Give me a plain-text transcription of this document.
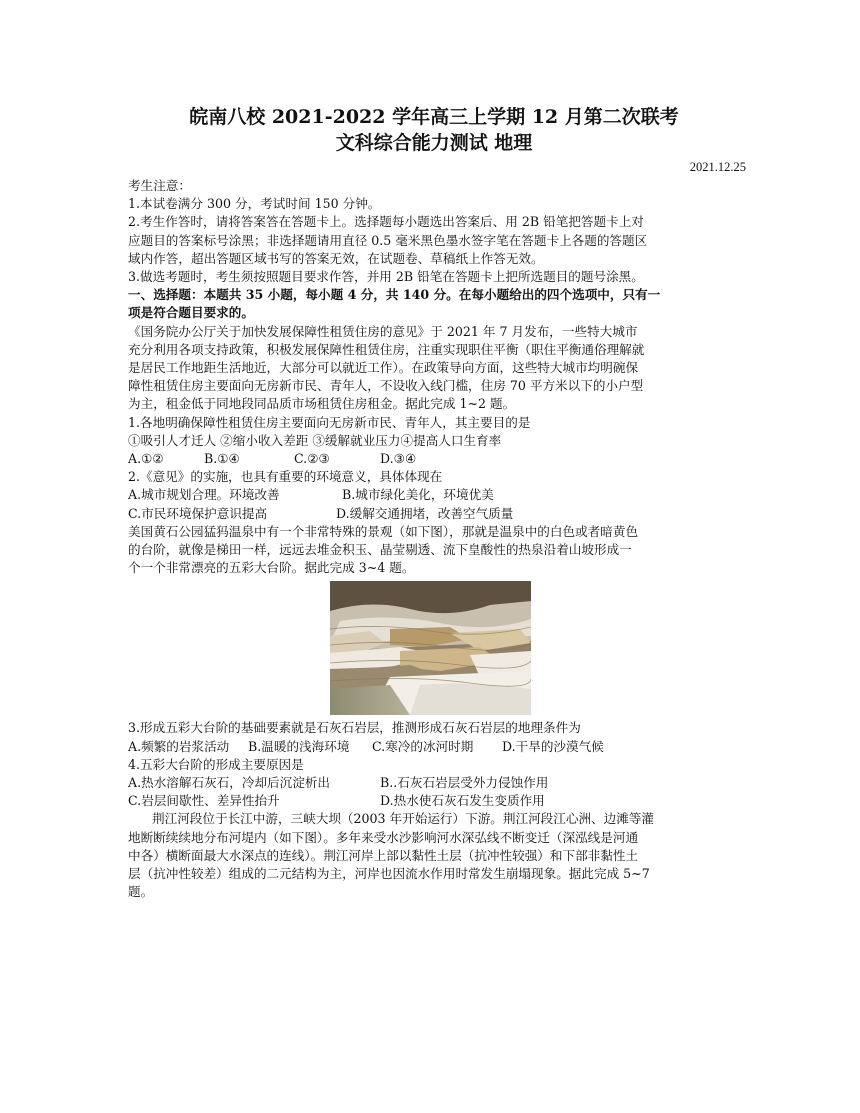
皖南八校 2021-2022 学年高三上学期 12 月第二次联考
文科综合能力测试 地理
2021.12.25

考生注意：

1.本试卷满分 300 分，考试时间 150 分钟。

2.考生作答时，请将答案答在答题卡上。选择题每小题选出答案后、用 2B 铅笔把答题卡上对

应题目的答案标号涂黑；非选择题请用直径 0.5 毫米黑色墨水签字笔在答题卡上各题的答题区

域内作答，超出答题区域书写的答案无效，在试题卷、草稿纸上作答无效。

3.做选考题时，考生须按照题目要求作答，并用 2B 铅笔在答题卡上把所选题目的题号涂黑。

一、选择题：本题共 35 小题，每小题 4 分，共 140 分。在每小题给出的四个选项中，只有一

项是符合题目要求的。

《国务院办公厅关于加快发展保障性租赁住房的意见》于 2021 年 7 月发布，一些特大城市

充分利用各项支持政策，积极发展保障性租赁住房，注重实现职住平衡（职住平衡通俗理解就

是居民工作地距生活地近，大部分可以就近工作）。在政策导向方面，这些特大城市均明碗保

障性租赁住房主要面向无房新市民、青年人，不设收入线门槛，住房 70 平方米以下的小户型

为主，租金低于同地段同品质市场租赁住房租金。据此完成 1~2 题。

1.各地明确保障性租赁住房主要面向无房新市民、青年人，其主要目的是

①吸引人才迁人 ②缩小收入差距 ③缓解就业压力④提高人口生育率

A.①②	B.①④	C.②③	D.③④

2.《意见》的实施，也具有重要的环境意义，具体体现在

A.城市规划合理。环境改善	B.城市绿化美化，环境优美

C.市民环境保护意识提高	D.缓解交通拥堵，改善空气质量

美国黄石公园猛犸温泉中有一个非常特殊的景观（如下图），那就是温泉中的白色或者暗黄色

的台阶，就像是梯田一样，远远去堆金积玉、晶莹剔透、流下皇酸性的热泉沿着山坡形成一

个一个非常漂亮的五彩大台阶。据此完成 3~4 题。

3.形成五彩大台阶的基础要素就是石灰石岩层，推测形成石灰石岩层的地理条件为

A.频繁的岩浆活动 B.温暖的浅海环境 C.寒冷的冰河时期 D.干旱的沙漠气候

4.五彩大台阶的形成主要原因是

A.热水溶解石灰石，冷却后沉淀析出	B..石灰石岩层受外力侵蚀作用

C.岩层间歇性、差异性抬升	D.热水使石灰石发生变质作用

荆江河段位于长江中游，三峡大坝（2003 年开始运行）下游。荆江河段江心洲、边滩等灌

地断断续续地分布河堤内（如下图）。多年来受水沙影响河水深弘线不断变迁（深泓线是河通

中各）横断面最大水深点的连线）。荆江河岸上部以黏性土层（抗冲性较强）和下部非黏性土

层（抗冲性较差）组成的二元结构为主，河岸也因流水作用时常发生崩塌现象。据此完成 5~7

题。
